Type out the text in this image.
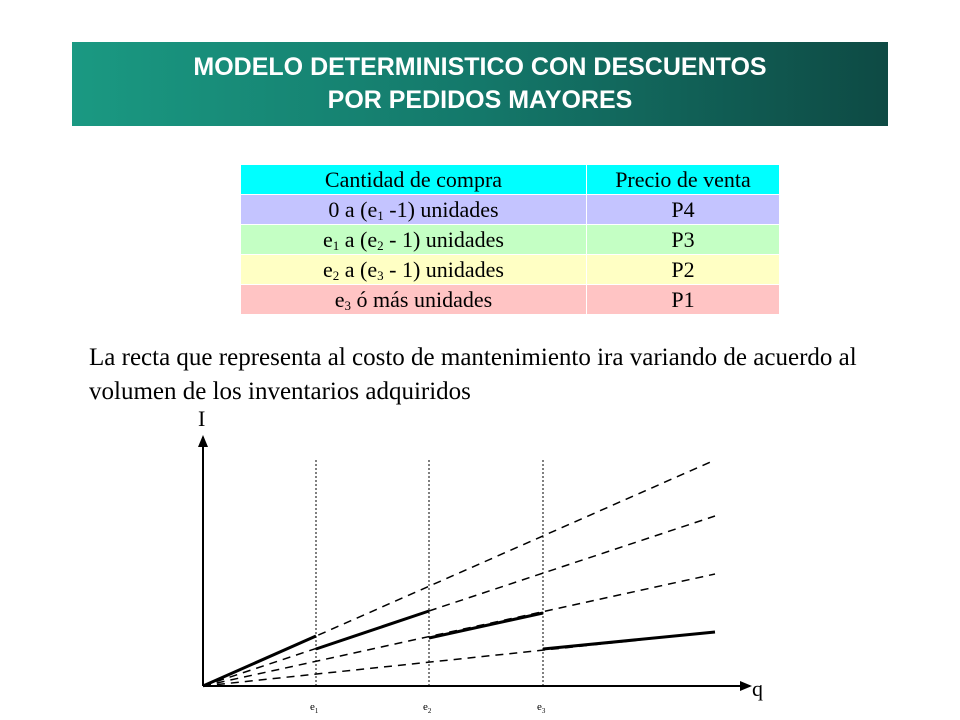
MODELO DETERMINISTICO CON DESCUENTOS
POR PEDIDOS MAYORES
Cantidad de compra	Precio de venta
0 a ($e_1$ -1) unidades	P4
$e_1$ a $(e_2 - 1)$ unidades	P3
$e_2$ a $(e_3 - 1)$ unidades	P2
$e_3$ ó más unidades	P1

La recta que representa al costo de mantenimiento ira variando de acuerdo al volumen de los inventarios adquiridos

I
q
$e_1$	$e_2$	$e_3$
